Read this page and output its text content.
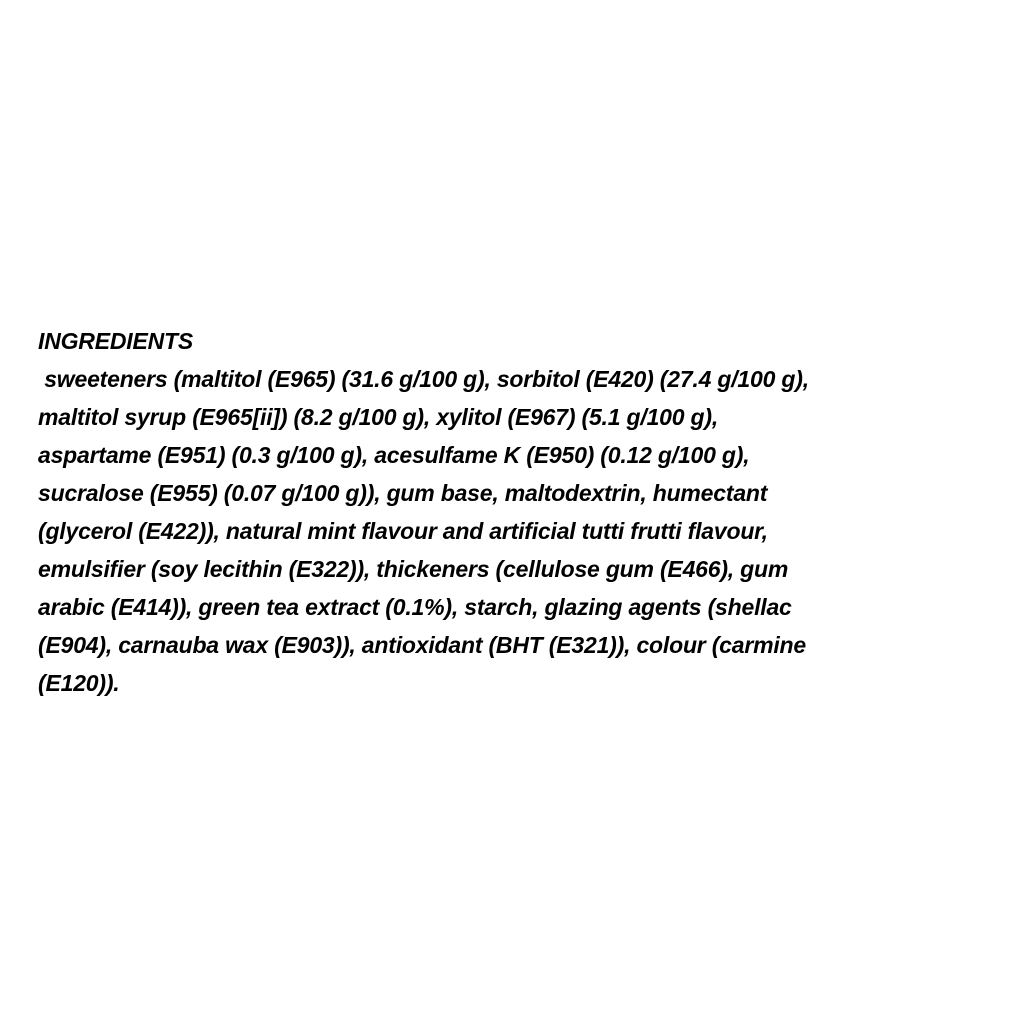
INGREDIENTS
sweeteners (maltitol (E965) (31.6 g/100 g), sorbitol (E420) (27.4 g/100 g),
maltitol syrup (E965[ii]) (8.2 g/100 g), xylitol (E967) (5.1 g/100 g),
aspartame (E951) (0.3 g/100 g), acesulfame K (E950) (0.12 g/100 g),
sucralose (E955) (0.07 g/100 g)), gum base, maltodextrin, humectant
(glycerol (E422)), natural mint flavour and artificial tutti frutti flavour,
emulsifier (soy lecithin (E322)), thickeners (cellulose gum (E466), gum
arabic (E414)), green tea extract (0.1%), starch, glazing agents (shellac
(E904), carnauba wax (E903)), antioxidant (BHT (E321)), colour (carmine
(E120)).
